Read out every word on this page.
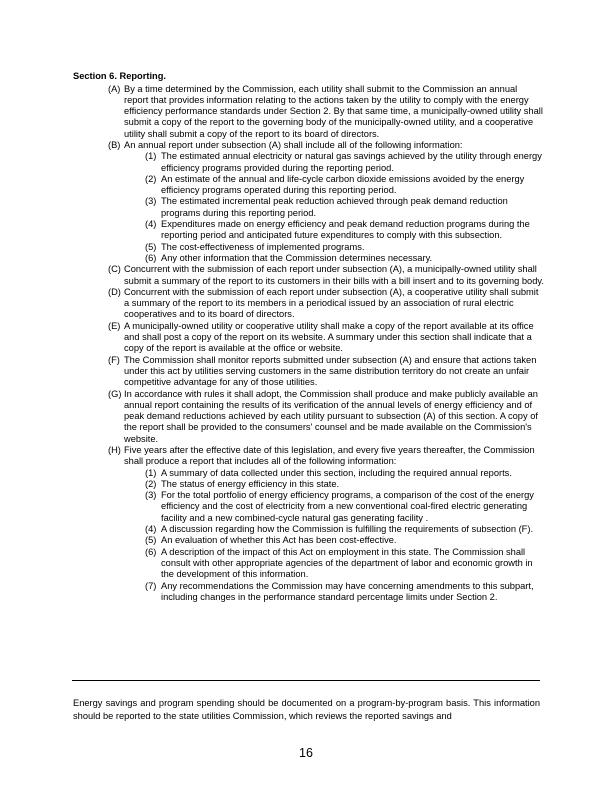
Section 6. Reporting.
(A) By a time determined by the Commission, each utility shall submit to the Commission an annual report that provides information relating to the actions taken by the utility to comply with the energy efficiency performance standards under Section 2. By that same time, a municipally-owned utility shall submit a copy of the report to the governing body of the municipally-owned utility, and a cooperative utility shall submit a copy of the report to its board of directors.
(B) An annual report under subsection (A) shall include all of the following information:
(1) The estimated annual electricity or natural gas savings achieved by the utility through energy efficiency programs provided during the reporting period.
(2) An estimate of the annual and life-cycle carbon dioxide emissions avoided by the energy efficiency programs operated during this reporting period.
(3) The estimated incremental peak reduction achieved through peak demand reduction programs during this reporting period.
(4) Expenditures made on energy efficiency and peak demand reduction programs during the reporting period and anticipated future expenditures to comply with this subsection.
(5) The cost-effectiveness of implemented programs.
(6) Any other information that the Commission determines necessary.
(C) Concurrent with the submission of each report under subsection (A), a municipally-owned utility shall submit a summary of the report to its customers in their bills with a bill insert and to its governing body.
(D) Concurrent with the submission of each report under subsection (A), a cooperative utility shall submit a summary of the report to its members in a periodical issued by an association of rural electric cooperatives and to its board of directors.
(E) A municipally-owned utility or cooperative utility shall make a copy of the report available at its office and shall post a copy of the report on its website. A summary under this section shall indicate that a copy of the report is available at the office or website.
(F) The Commission shall monitor reports submitted under subsection (A) and ensure that actions taken under this act by utilities serving customers in the same distribution territory do not create an unfair competitive advantage for any of those utilities.
(G) In accordance with rules it shall adopt, the Commission shall produce and make publicly available an annual report containing the results of its verification of the annual levels of energy efficiency and of peak demand reductions achieved by each utility pursuant to subsection (A) of this section. A copy of the report shall be provided to the consumers' counsel and be made available on the Commission's website.
(H) Five years after the effective date of this legislation, and every five years thereafter, the Commission shall produce a report that includes all of the following information:
(1) A summary of data collected under this section, including the required annual reports.
(2) The status of energy efficiency in this state.
(3) For the total portfolio of energy efficiency programs, a comparison of the cost of the energy efficiency and the cost of electricity from a new conventional coal-fired electric generating facility and a new combined-cycle natural gas generating facility .
(4) A discussion regarding how the Commission is fulfilling the requirements of subsection (F).
(5) An evaluation of whether this Act has been cost-effective.
(6) A description of the impact of this Act on employment in this state. The Commission shall consult with other appropriate agencies of the department of labor and economic growth in the development of this information.
(7) Any recommendations the Commission may have concerning amendments to this subpart, including changes in the performance standard percentage limits under Section 2.
Energy savings and program spending should be documented on a program-by-program basis. This information should be reported to the state utilities Commission, which reviews the reported savings and
16
